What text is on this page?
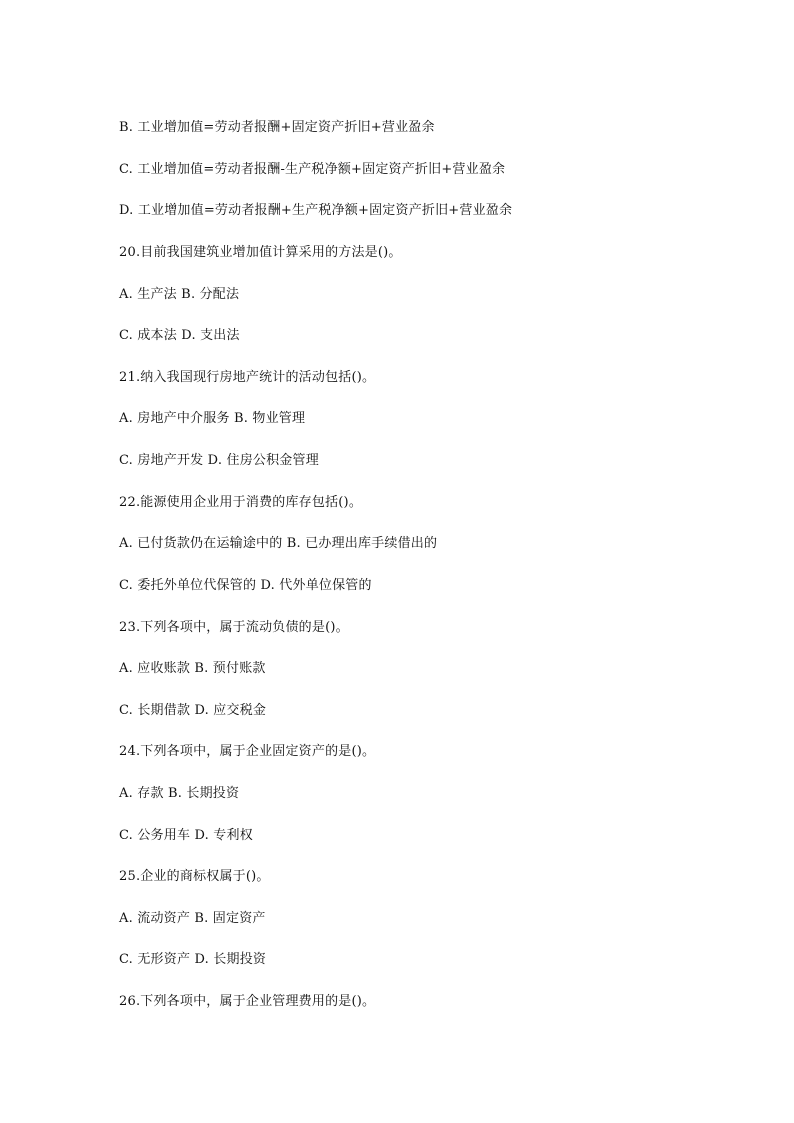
B. 工业增加值=劳动者报酬+固定资产折旧+营业盈余
C. 工业增加值=劳动者报酬-生产税净额+固定资产折旧+营业盈余
D. 工业增加值=劳动者报酬+生产税净额+固定资产折旧+营业盈余
20.目前我国建筑业增加值计算采用的方法是()。
A. 生产法 B. 分配法
C. 成本法 D. 支出法
21.纳入我国现行房地产统计的活动包括()。
A. 房地产中介服务 B. 物业管理
C. 房地产开发 D. 住房公积金管理
22.能源使用企业用于消费的库存包括()。
A. 已付货款仍在运输途中的 B. 已办理出库手续借出的
C. 委托外单位代保管的 D. 代外单位保管的
23.下列各项中，属于流动负债的是()。
A. 应收账款 B. 预付账款
C. 长期借款 D. 应交税金
24.下列各项中，属于企业固定资产的是()。
A. 存款 B. 长期投资
C. 公务用车 D. 专利权
25.企业的商标权属于()。
A. 流动资产 B. 固定资产
C. 无形资产 D. 长期投资
26.下列各项中，属于企业管理费用的是()。
